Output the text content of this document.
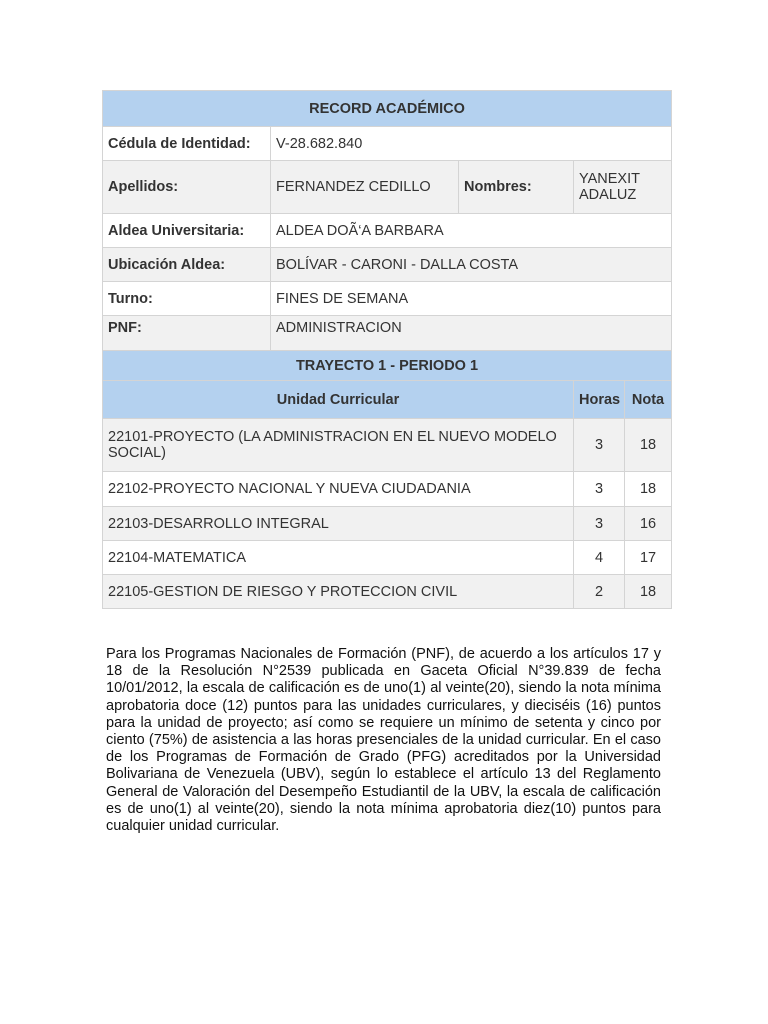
RECORD ACADÉMICO				
Cédula de Identidad:	V-28.682.840			
Apellidos:	FERNANDEZ CEDILLO	Nombres:	YANEXIT ADALUZ	
Aldea Universitaria:	ALDEA DOÃ‘A BARBARA			
Ubicación Aldea:	BOLÍVAR - CARONI - DALLA COSTA			
Turno:	FINES DE SEMANA			
PNF:	ADMINISTRACION			
TRAYECTO 1 - PERIODO 1				
Unidad Curricular			Horas	Nota
22101-PROYECTO (LA ADMINISTRACION EN EL NUEVO MODELO SOCIAL)			3	18
22102-PROYECTO NACIONAL Y NUEVA CIUDADANIA			3	18
22103-DESARROLLO INTEGRAL			3	16
22104-MATEMATICA			4	17
22105-GESTION DE RIESGO Y PROTECCION CIVIL			2	18

Para los Programas Nacionales de Formación (PNF), de acuerdo a los artículos 17 y 18 de la Resolución N°2539 publicada en Gaceta Oficial N°39.839 de fecha 10/01/2012, la escala de calificación es de uno(1) al veinte(20), siendo la nota mínima aprobatoria doce (12) puntos para las unidades curriculares, y dieciséis (16) puntos para la unidad de proyecto; así como se requiere un mínimo de setenta y cinco por ciento (75%) de asistencia a las horas presenciales de la unidad curricular. En el caso de los Programas de Formación de Grado (PFG) acreditados por la Universidad Bolivariana de Venezuela (UBV), según lo establece el artículo 13 del Reglamento General de Valoración del Desempeño Estudiantil de la UBV, la escala de calificación es de uno(1) al veinte(20), siendo la nota mínima aprobatoria diez(10) puntos para cualquier unidad curricular.
